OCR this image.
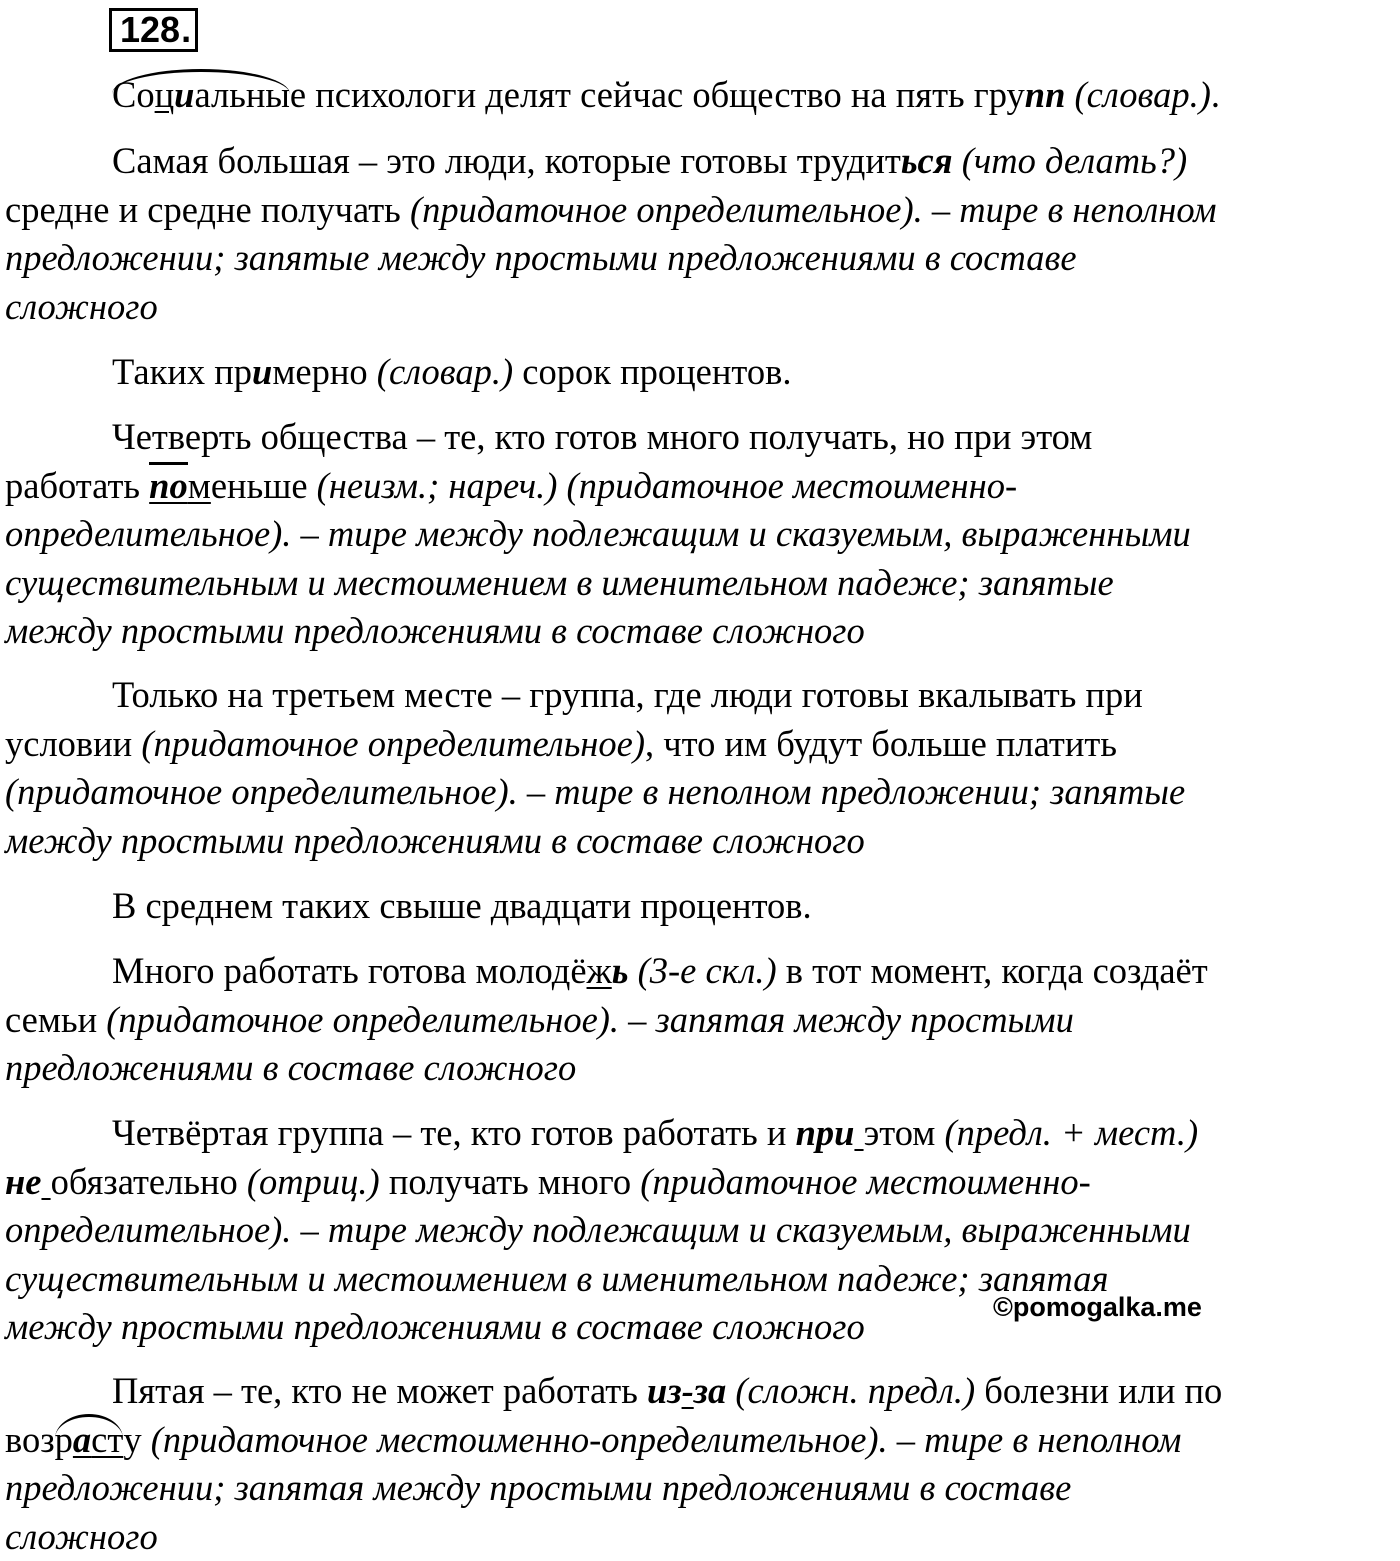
128.
Социальные психологи делят сейчас общество на пять групп (словар.).
Самая большая – это люди, которые готовы трудиться (что делать?)
средне и средне получать (придаточное определительное). – тире в неполном
предложении; запятые между простыми предложениями в составе
сложного
Таких примерно (словар.) сорок процентов.
Четверть общества – те, кто готов много получать, но при этом
работать поменьше (неизм.; нареч.) (придаточное местоименно-
определительное). – тире между подлежащим и сказуемым, выраженными
существительным и местоимением в именительном падеже; запятые
между простыми предложениями в составе сложного
Только на третьем месте – группа, где люди готовы вкалывать при
условии (придаточное определительное), что им будут больше платить
(придаточное определительное). – тире в неполном предложении; запятые
между простыми предложениями в составе сложного
В среднем таких свыше двадцати процентов.
Много работать готова молодёжь (3-е скл.) в тот момент, когда создаёт
семьи (придаточное определительное). – запятая между простыми
предложениями в составе сложного
Четвёртая группа – те, кто готов работать и при этом (предл. + мест.)
не обязательно (отриц.) получать много (придаточное местоименно-
определительное). – тире между подлежащим и сказуемым, выраженными
существительным и местоимением в именительном падеже; запятая
между простыми предложениями в составе сложного	©pomogalka.me
Пятая – те, кто не может работать из-за (сложн. предл.) болезни или по
воз
расту (придаточное местоименно-определительное). – тире в неполном
предложении; запятая между простыми предложениями в составе
сложного
